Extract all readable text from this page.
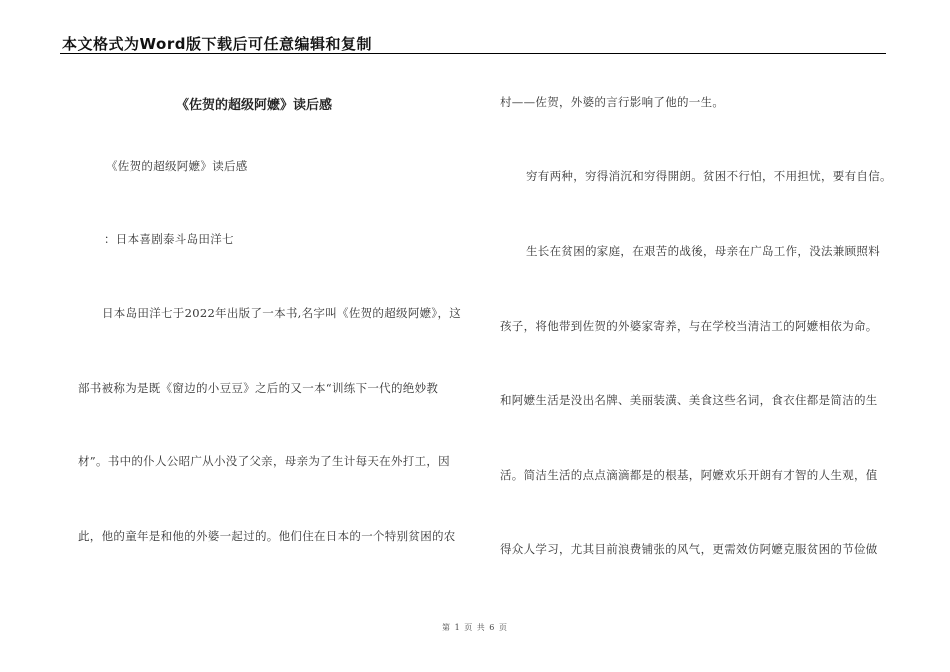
本文格式为Word版下载后可任意编辑和复制
《佐贺的超级阿嬷》读后感
《佐贺的超级阿嬷》读后感
：日本喜剧泰斗岛田洋七
日本岛田洋七于2022年出版了一本书,名字叫《佐贺的超级阿嬷》，这
部书被称为是既《窗边的小豆豆》之后的又一本“训练下一代的绝妙教
材”。书中的仆人公昭广从小没了父亲，母亲为了生计每天在外打工，因
此，他的童年是和他的外婆一起过的。他们住在日本的一个特别贫困的农
村——佐贺，外婆的言行影响了他的一生。
穷有两种，穷得消沉和穷得開朗。贫困不行怕，不用担忧，要有自信。
生长在贫困的家庭，在艰苦的战後，母亲在广岛工作，没法兼顾照料
孩子，将他带到佐贺的外婆家寄养，与在学校当清洁工的阿嬷相依为命。
和阿嬷生活是没出名牌、美丽装潢、美食这些名词，食衣住都是简洁的生
活。简洁生活的点点滴滴都是的根基，阿嬷欢乐开朗有才智的人生观，值
得众人学习，尤其目前浪费铺张的风气，更需效仿阿嬷克服贫困的节俭做
第 1 页 共 6 页
